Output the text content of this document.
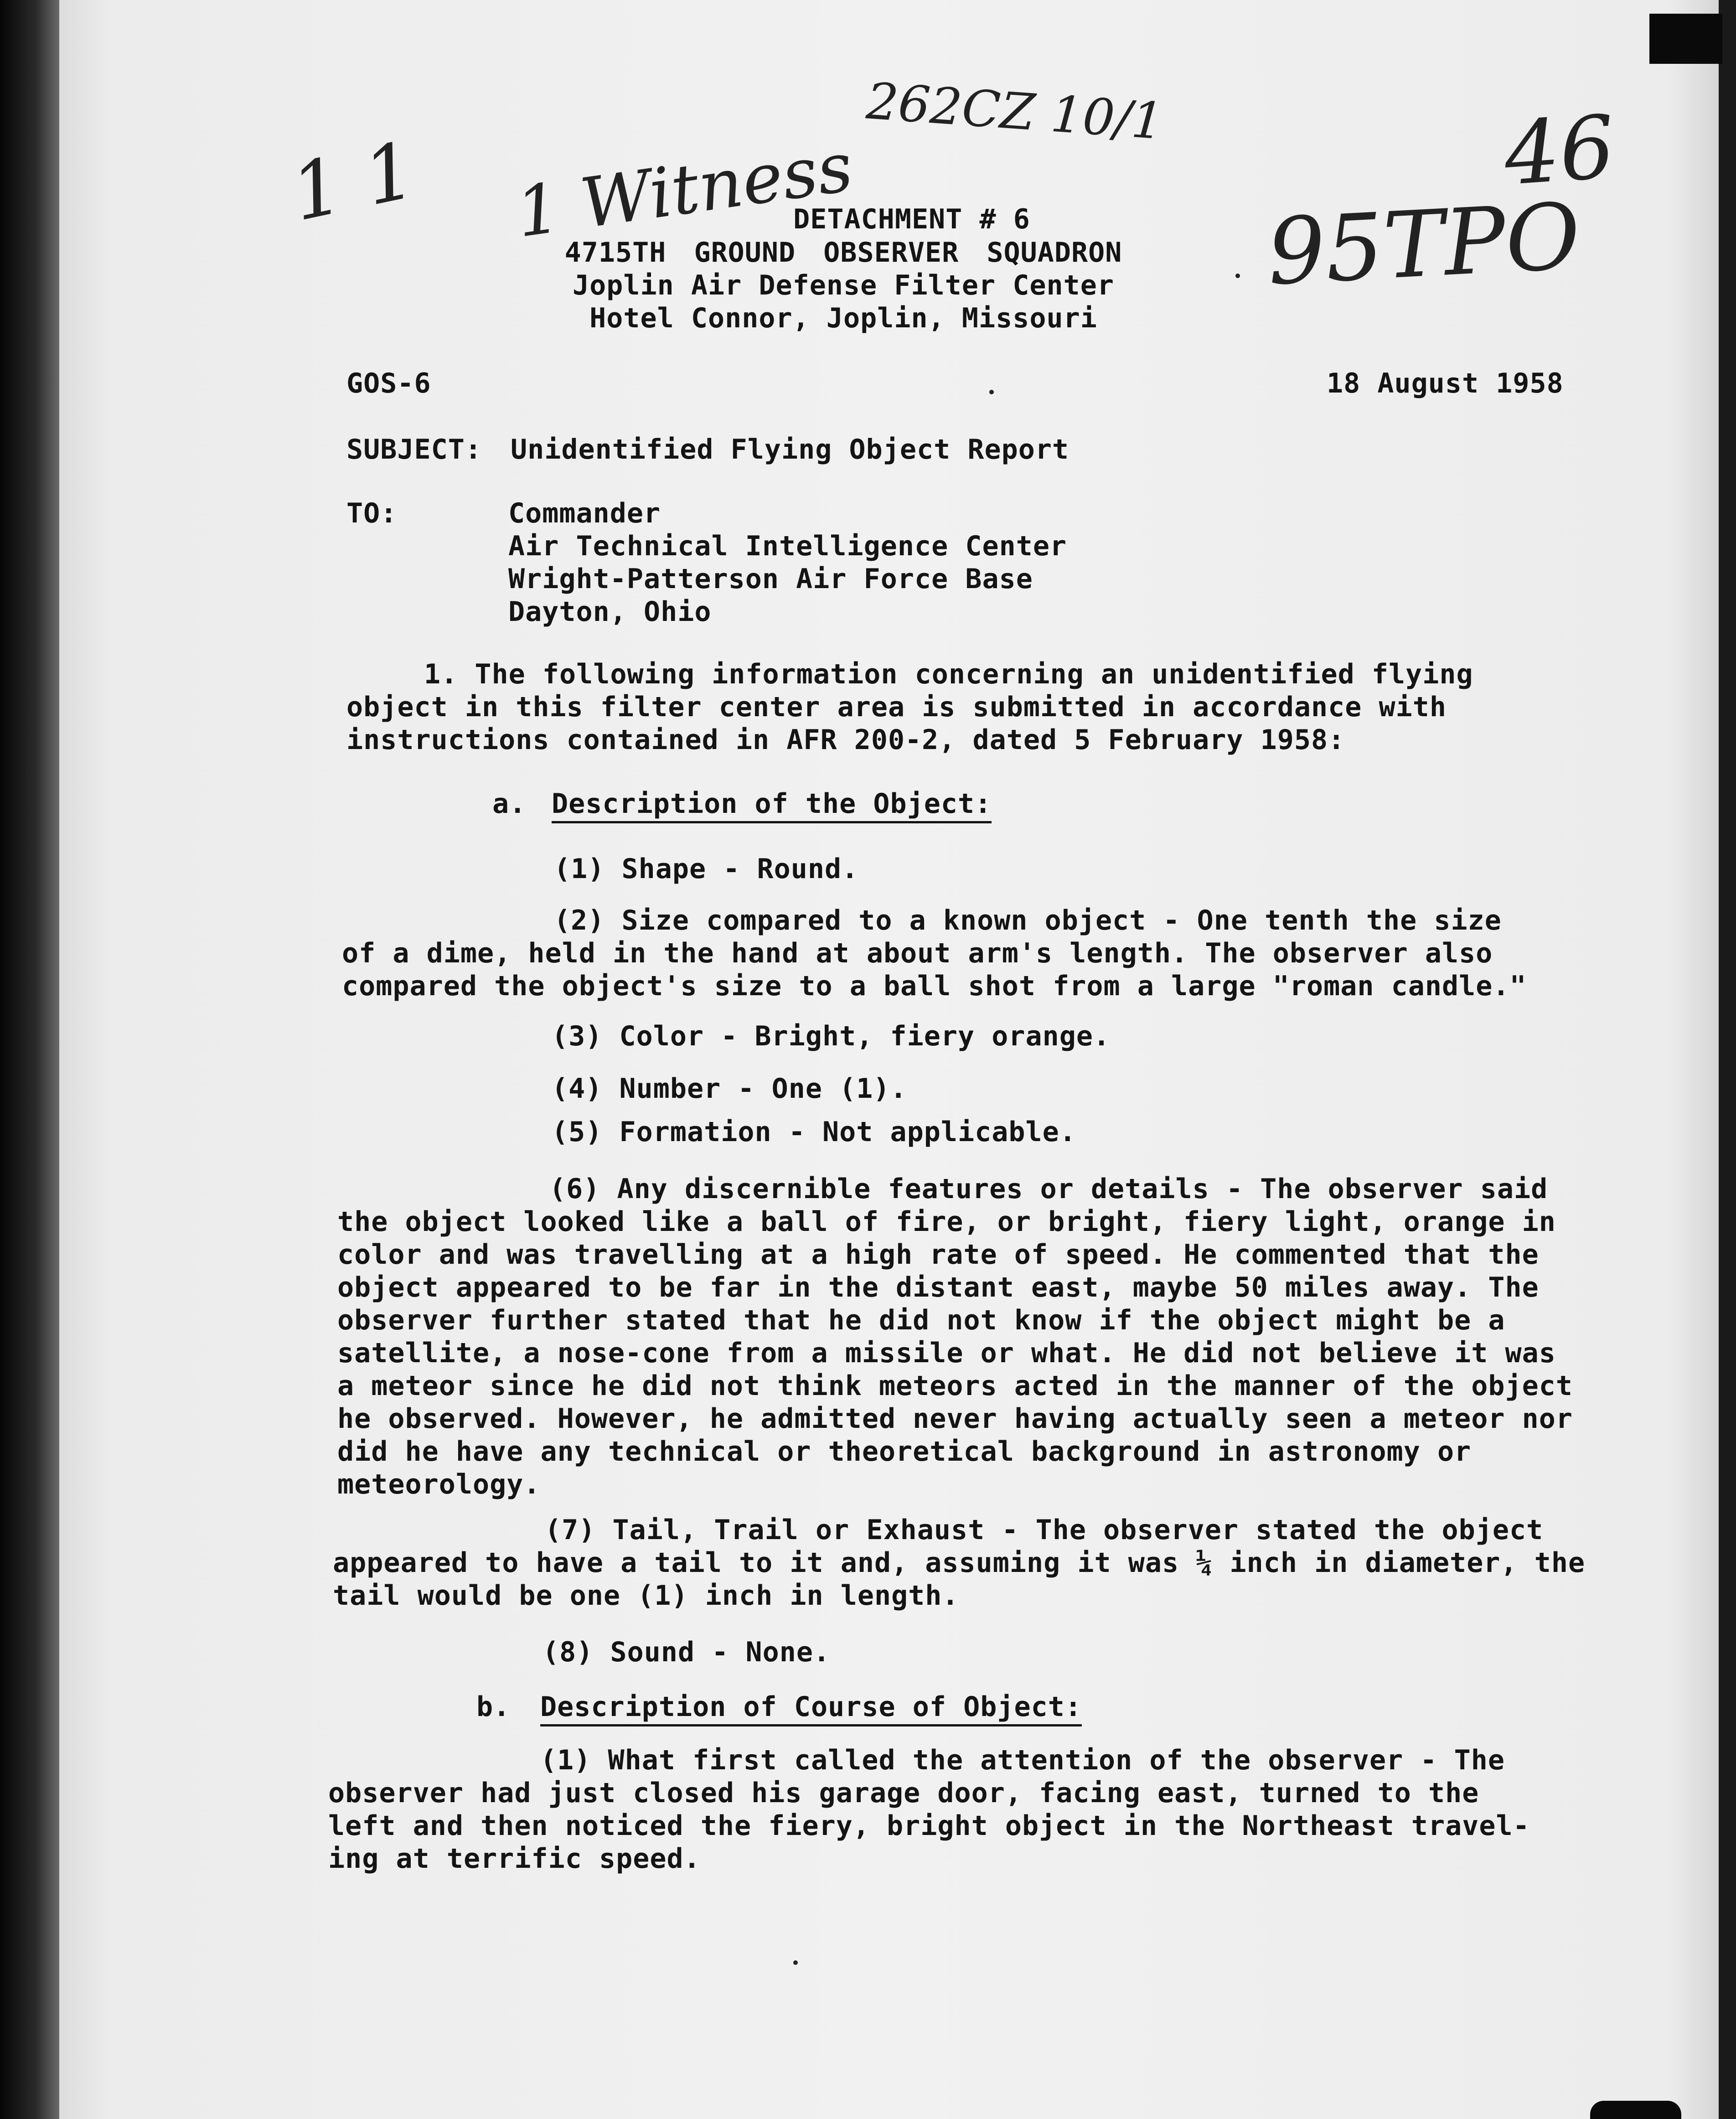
262CZ 10/1
1 1 1 Witness	46
95TPO
DETACHMENT # 6
4715TH GROUND OBSERVER SQUADRON
Joplin Air Defense Filter Center
Hotel Connor, Joplin, Missouri
GOS-6	18 August 1958
SUBJECT: Unidentified Flying Object Report
TO:	Commander
Air Technical Intelligence Center
Wright-Patterson Air Force Base
Dayton, Ohio
1. The following information concerning an unidentified flying
object in this filter center area is submitted in accordance with
instructions contained in AFR 200-2, dated 5 February 1958:
a. Description of the Object:
(1) Shape - Round.
(2) Size compared to a known object - One tenth the size
of a dime, held in the hand at about arm's length. The observer also
compared the object's size to a ball shot from a large "roman candle."
(3) Color - Bright, fiery orange.
(4) Number - One (1).
(5) Formation - Not applicable.
(6) Any discernible features or details - The observer said
the object looked like a ball of fire, or bright, fiery light, orange in
color and was travelling at a high rate of speed. He commented that the
object appeared to be far in the distant east, maybe 50 miles away. The
observer further stated that he did not know if the object might be a
satellite, a nose-cone from a missile or what. He did not believe it was
a meteor since he did not think meteors acted in the manner of the object
he observed. However, he admitted never having actually seen a meteor nor
did he have any technical or theoretical background in astronomy or
meteorology.
(7) Tail, Trail or Exhaust - The observer stated the object
appeared to have a tail to it and, assuming it was ¼ inch in diameter, the
tail would be one (1) inch in length.
(8) Sound - None.
b. Description of Course of Object:
(1) What first called the attention of the observer - The
observer had just closed his garage door, facing east, turned to the
left and then noticed the fiery, bright object in the Northeast travel-
ing at terrific speed.
